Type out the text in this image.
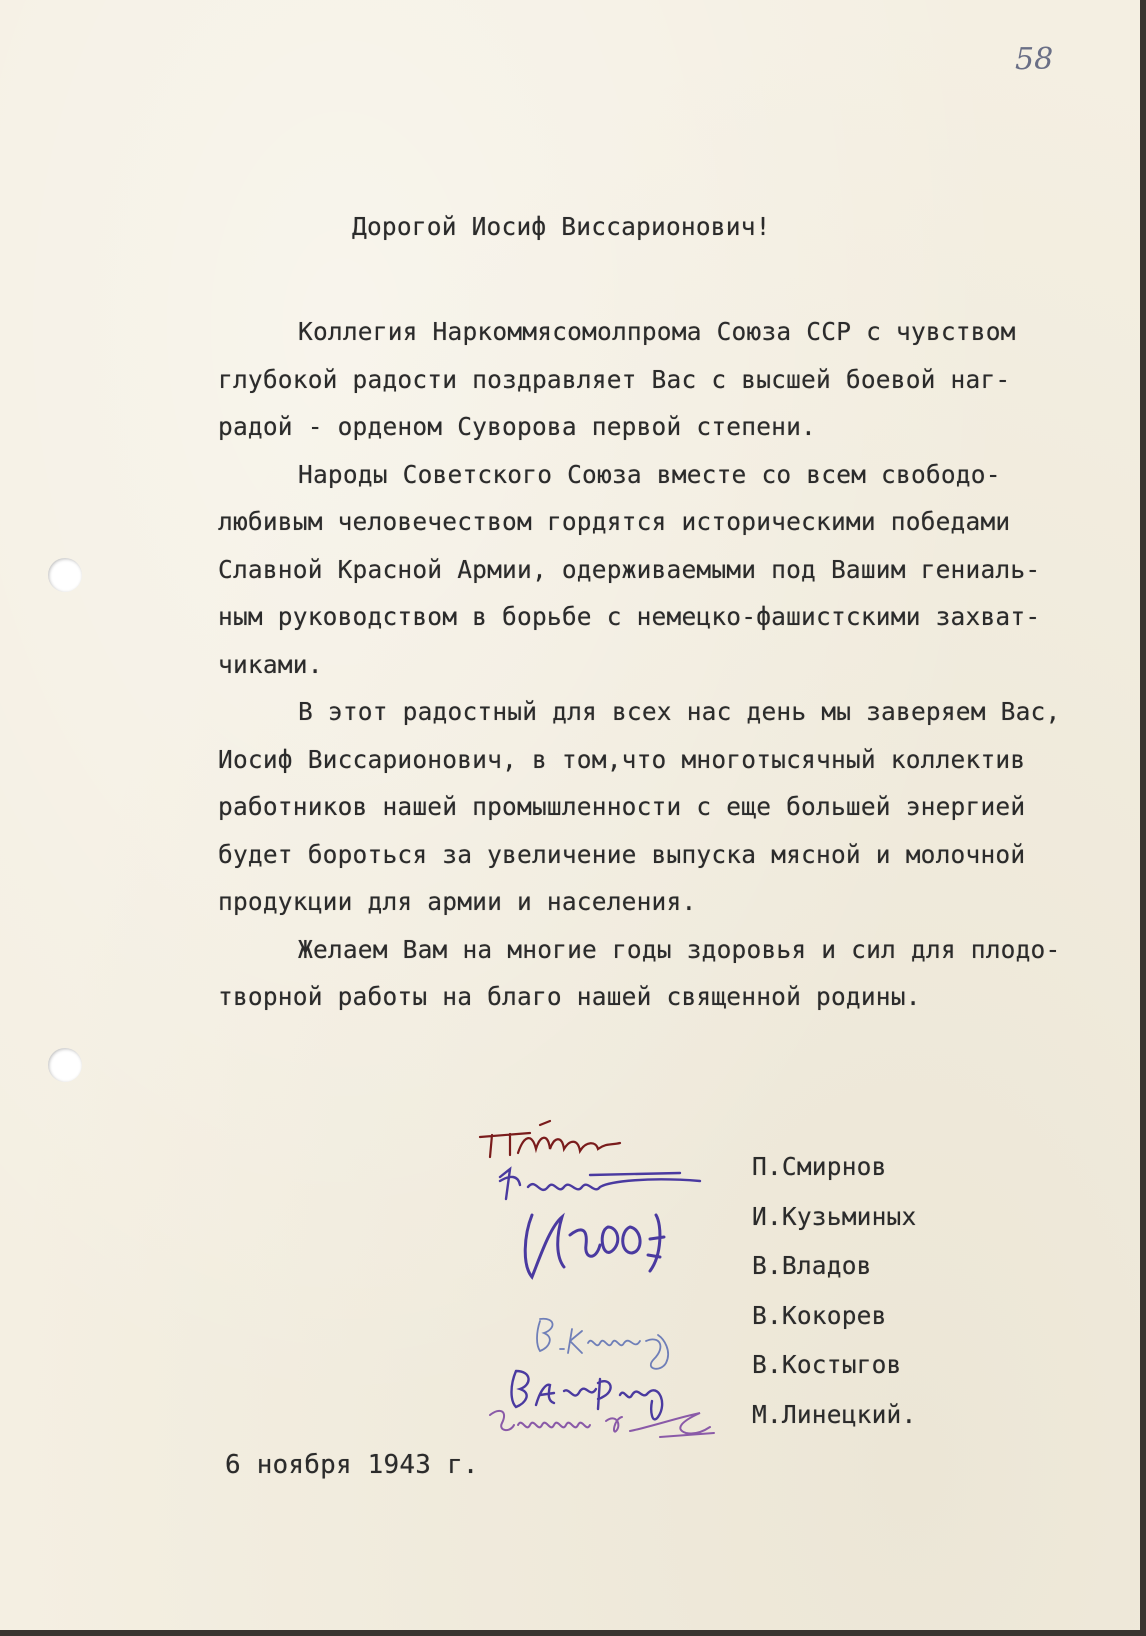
58
Дорогой Иосиф Виссарионович!
Коллегия Наркоммясомолпрома Союза ССР с чувством
глубокой радости поздравляет Вас с высшей боевой наг-
радой - орденом Суворова первой степени.
Народы Советского Союза вместе со всем свободо-
любивым человечеством гордятся историческими победами
Славной Красной Армии, одерживаемыми под Вашим гениаль-
ным руководством в борьбе с немецко-фашистскими захват-
чиками.
В этот радостный для всех нас день мы заверяем Вас,
Иосиф Виссарионович, в том,что многотысячный коллектив
работников нашей промышленности с еще большей энергией
будет бороться за увеличение выпуска мясной и молочной
продукции для армии и населения.
Желаем Вам на многие годы здоровья и сил для плодо-
творной работы на благо нашей священной родины.
П.Смирнов
И.Кузьминых
В.Владов
В.Кокорев
В.Костыгов
М.Линецкий.
6 ноября 1943 г.
